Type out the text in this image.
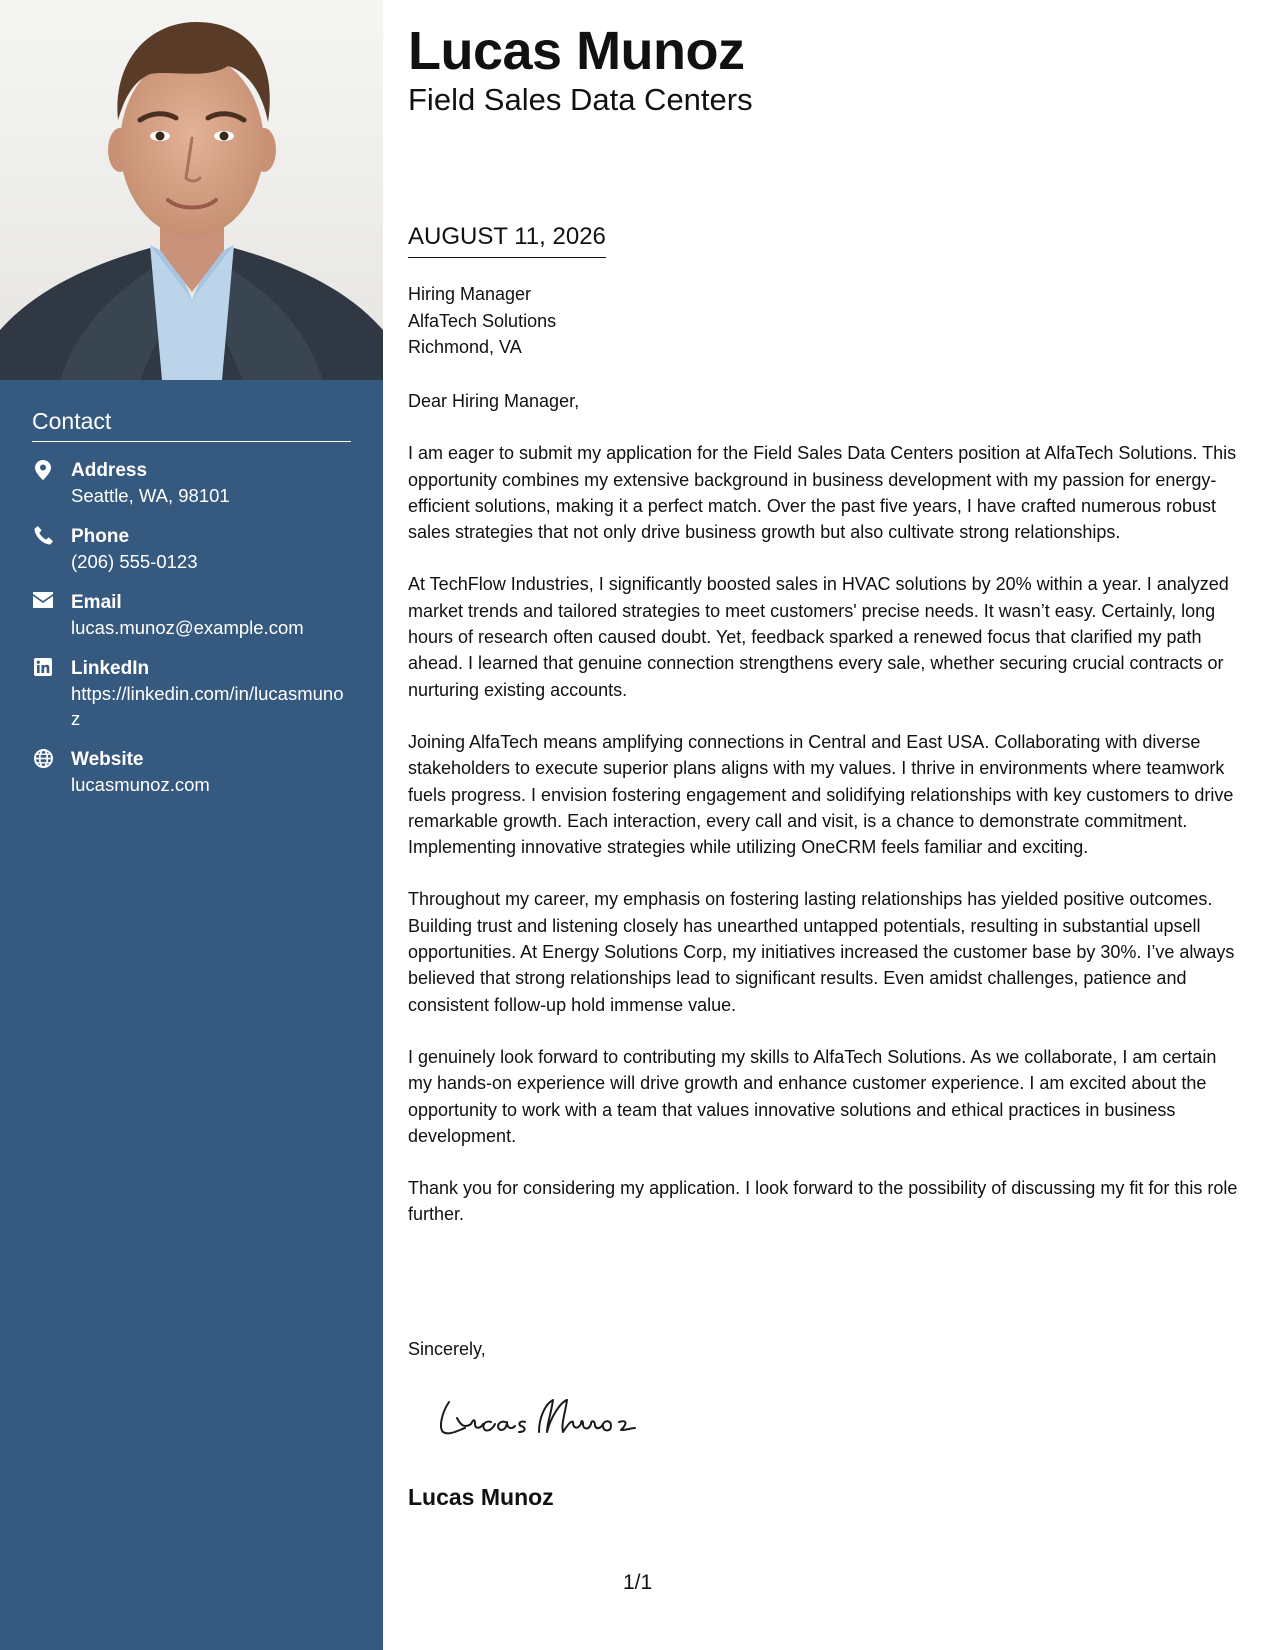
Contact
Address
Seattle, WA, 98101
Phone
(206) 555-0123
Email
lucas.munoz@example.com
LinkedIn
https://linkedin.com/in/lucasmunoz
Website
lucasmunoz.com
Lucas Munoz
Field Sales Data Centers
AUGUST 11, 2026
Hiring Manager
AlfaTech Solutions
Richmond, VA

Dear Hiring Manager,

I am eager to submit my application for the Field Sales Data Centers position at AlfaTech Solutions. This opportunity combines my extensive background in business development with my passion for energy-efficient solutions, making it a perfect match. Over the past five years, I have crafted numerous robust sales strategies that not only drive business growth but also cultivate strong relationships.

At TechFlow Industries, I significantly boosted sales in HVAC solutions by 20% within a year. I analyzed market trends and tailored strategies to meet customers' precise needs. It wasn’t easy. Certainly, long hours of research often caused doubt. Yet, feedback sparked a renewed focus that clarified my path ahead. I learned that genuine connection strengthens every sale, whether securing crucial contracts or nurturing existing accounts.

Joining AlfaTech means amplifying connections in Central and East USA. Collaborating with diverse stakeholders to execute superior plans aligns with my values. I thrive in environments where teamwork fuels progress. I envision fostering engagement and solidifying relationships with key customers to drive remarkable growth. Each interaction, every call and visit, is a chance to demonstrate commitment. Implementing innovative strategies while utilizing OneCRM feels familiar and exciting.

Throughout my career, my emphasis on fostering lasting relationships has yielded positive outcomes. Building trust and listening closely has unearthed untapped potentials, resulting in substantial upsell opportunities. At Energy Solutions Corp, my initiatives increased the customer base by 30%. I’ve always believed that strong relationships lead to significant results. Even amidst challenges, patience and consistent follow-up hold immense value.

I genuinely look forward to contributing my skills to AlfaTech Solutions. As we collaborate, I am certain my hands-on experience will drive growth and enhance customer experience. I am excited about the opportunity to work with a team that values innovative solutions and ethical practices in business development.

Thank you for considering my application. I look forward to the possibility of discussing my fit for this role further.

Sincerely,
Lucas Munoz
1/1
